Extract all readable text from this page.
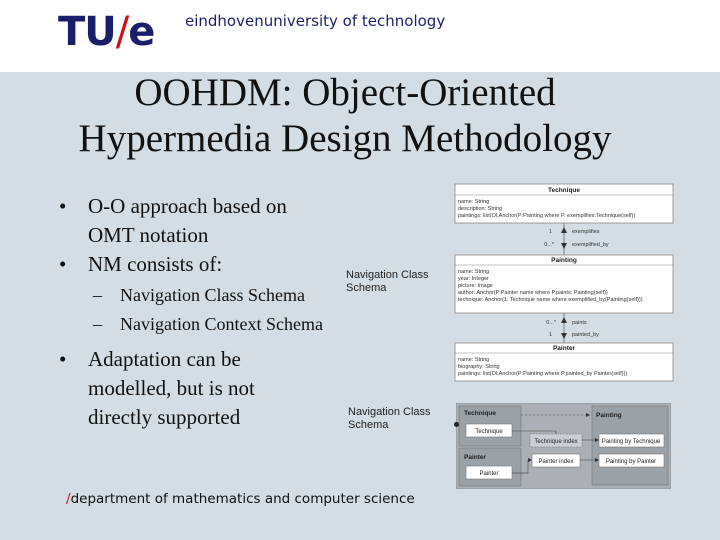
TU/e eindhovenuniversity of technology
OOHDM: Object-Oriented
Hypermedia Design Methodology
• O-O approach based on
OMT notation
• NM consists of:
– Navigation Class Schema
– Navigation Context Schema
• Adaptation can be
modelled, but is not
directly supported
Navigation Class
Schema
Navigation Class
Schema
Technique
name: String
description: String
paintings: list(Ol,Anchor(P:Painting where P. exemplifies:Technique(self))
1	exemplifies
0...*	exemplified_by
Painting
name: String
year: Integer
picture: Image
author: Anchor(P:Painter name where P.paints: Painting(self))
technique: Anchor(1: Technique name where exemplified_by(Painting(self)))
0...*	paints
1	painted_by
Painter
name: String
biography: String
paintings: list(Ol,Anchor(P:Painting where P.painted_by Painter(self)))
Technique
Technique
Painting
Painting by Technique
Painting by Painter
Painter
Painter
Technique index
Painter index
/department of mathematics and computer science
